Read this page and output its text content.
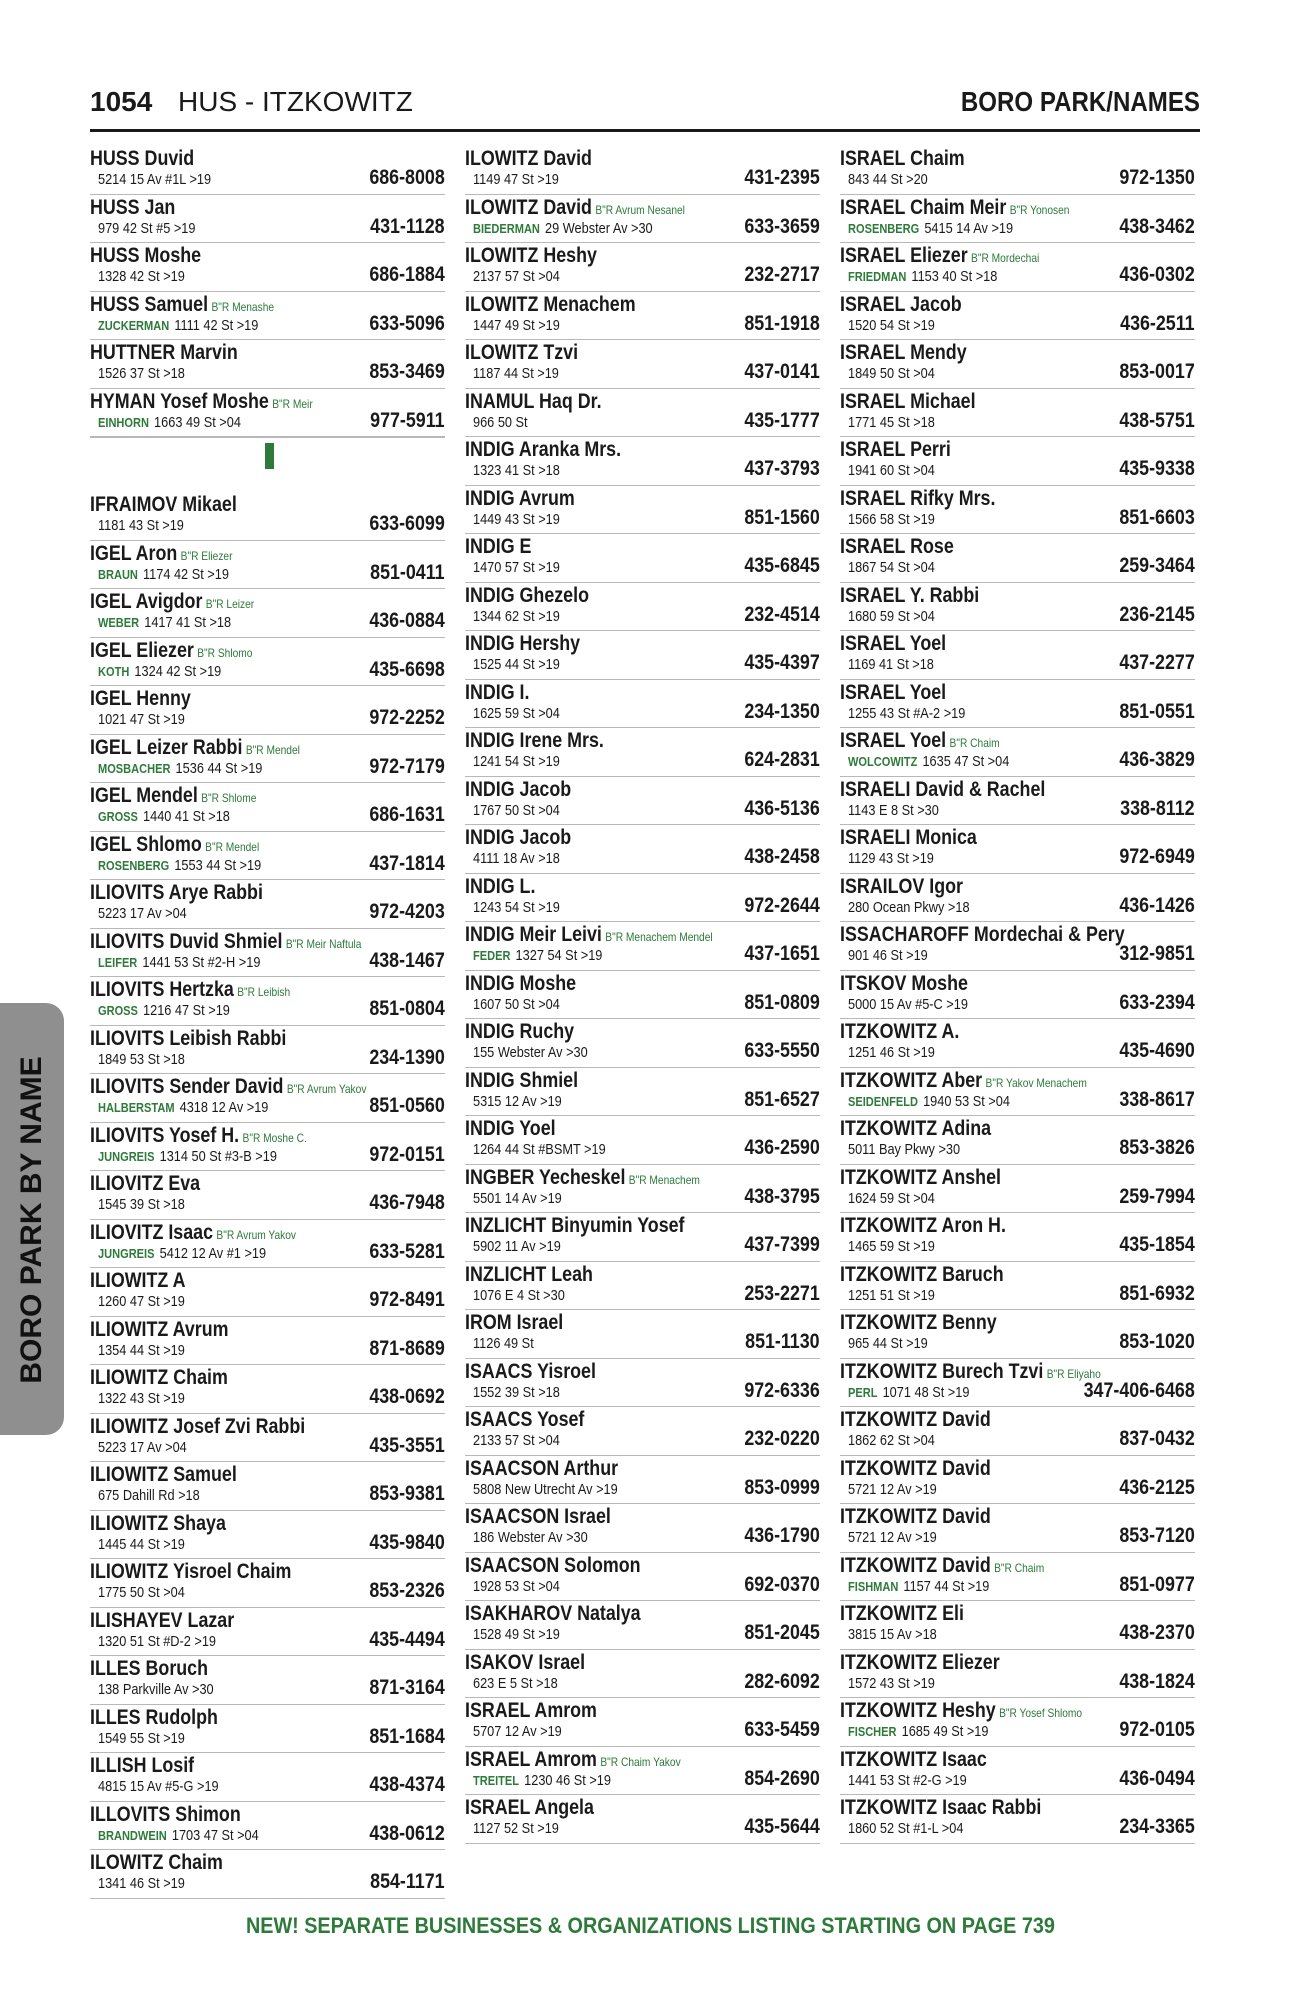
1054 HUS - ITZKOWITZ	BORO PARK/NAMES
HUSS Duvid
5214 15 Av #1L >19	686-8008
HUSS Jan
979 42 St #5 >19	431-1128
HUSS Moshe
1328 42 St >19	686-1884
HUSS Samuel B"R Menashe
ZUCKERMAN 1111 42 St >19	633-5096
HUTTNER Marvin
1526 37 St >18	853-3469
HYMAN Yosef Moshe B"R Meir
EINHORN 1663 49 St >04	977-5911
IFRAIMOV Mikael
1181 43 St >19	633-6099
IGEL Aron B"R Eliezer
BRAUN 1174 42 St >19	851-0411
IGEL Avigdor B"R Leizer
WEBER 1417 41 St >18	436-0884
IGEL Eliezer B"R Shlomo
KOTH 1324 42 St >19	435-6698
IGEL Henny
1021 47 St >19	972-2252
IGEL Leizer Rabbi B"R Mendel
MOSBACHER 1536 44 St >19	972-7179
IGEL Mendel B"R Shlome
GROSS 1440 41 St >18	686-1631
IGEL Shlomo B"R Mendel
ROSENBERG 1553 44 St >19	437-1814
ILIOVITS Arye Rabbi
5223 17 Av >04	972-4203
ILIOVITS Duvid Shmiel B"R Meir Naftula
LEIFER 1441 53 St #2-H >19	438-1467
ILIOVITS Hertzka B"R Leibish
GROSS 1216 47 St >19	851-0804
ILIOVITS Leibish Rabbi
1849 53 St >18	234-1390
ILIOVITS Sender David B"R Avrum Yakov
HALBERSTAM 4318 12 Av >19	851-0560
ILIOVITS Yosef H. B"R Moshe C.
JUNGREIS 1314 50 St #3-B >19	972-0151
ILIOVITZ Eva
1545 39 St >18	436-7948
ILIOVITZ Isaac B"R Avrum Yakov
JUNGREIS 5412 12 Av #1 >19	633-5281
ILIOWITZ A
1260 47 St >19	972-8491
ILIOWITZ Avrum
1354 44 St >19	871-8689
ILIOWITZ Chaim
1322 43 St >19	438-0692
ILIOWITZ Josef Zvi Rabbi
5223 17 Av >04	435-3551
ILIOWITZ Samuel
675 Dahill Rd >18	853-9381
ILIOWITZ Shaya
1445 44 St >19	435-9840
ILIOWITZ Yisroel Chaim
1775 50 St >04	853-2326
ILISHAYEV Lazar
1320 51 St #D-2 >19	435-4494
ILLES Boruch
138 Parkville Av >30	871-3164
ILLES Rudolph
1549 55 St >19	851-1684
ILLISH Losif
4815 15 Av #5-G >19	438-4374
ILLOVITS Shimon
BRANDWEIN 1703 47 St >04	438-0612
ILOWITZ Chaim
1341 46 St >19	854-1171
ILOWITZ David
1149 47 St >19	431-2395
ILOWITZ David B"R Avrum Nesanel
BIEDERMAN 29 Webster Av >30	633-3659
ILOWITZ Heshy
2137 57 St >04	232-2717
ILOWITZ Menachem
1447 49 St >19	851-1918
ILOWITZ Tzvi
1187 44 St >19	437-0141
INAMUL Haq Dr.
966 50 St	435-1777
INDIG Aranka Mrs.
1323 41 St >18	437-3793
INDIG Avrum
1449 43 St >19	851-1560
INDIG E
1470 57 St >19	435-6845
INDIG Ghezelo
1344 62 St >19	232-4514
INDIG Hershy
1525 44 St >19	435-4397
INDIG I.
1625 59 St >04	234-1350
INDIG Irene Mrs.
1241 54 St >19	624-2831
INDIG Jacob
1767 50 St >04	436-5136
INDIG Jacob
4111 18 Av >18	438-2458
INDIG L.
1243 54 St >19	972-2644
INDIG Meir Leivi B"R Menachem Mendel
FEDER 1327 54 St >19	437-1651
INDIG Moshe
1607 50 St >04	851-0809
INDIG Ruchy
155 Webster Av >30	633-5550
INDIG Shmiel
5315 12 Av >19	851-6527
INDIG Yoel
1264 44 St #BSMT >19	436-2590
INGBER Yecheskel B"R Menachem
5501 14 Av >19	438-3795
INZLICHT Binyumin Yosef
5902 11 Av >19	437-7399
INZLICHT Leah
1076 E 4 St >30	253-2271
IROM Israel
1126 49 St	851-1130
ISAACS Yisroel
1552 39 St >18	972-6336
ISAACS Yosef
2133 57 St >04	232-0220
ISAACSON Arthur
5808 New Utrecht Av >19	853-0999
ISAACSON Israel
186 Webster Av >30	436-1790
ISAACSON Solomon
1928 53 St >04	692-0370
ISAKHAROV Natalya
1528 49 St >19	851-2045
ISAKOV Israel
623 E 5 St >18	282-6092
ISRAEL Amrom
5707 12 Av >19	633-5459
ISRAEL Amrom B"R Chaim Yakov
TREITEL 1230 46 St >19	854-2690
ISRAEL Angela
1127 52 St >19	435-5644
ISRAEL Chaim
843 44 St >20	972-1350
ISRAEL Chaim Meir B"R Yonosen
ROSENBERG 5415 14 Av >19	438-3462
ISRAEL Eliezer B"R Mordechai
FRIEDMAN 1153 40 St >18	436-0302
ISRAEL Jacob
1520 54 St >19	436-2511
ISRAEL Mendy
1849 50 St >04	853-0017
ISRAEL Michael
1771 45 St >18	438-5751
ISRAEL Perri
1941 60 St >04	435-9338
ISRAEL Rifky Mrs.
1566 58 St >19	851-6603
ISRAEL Rose
1867 54 St >04	259-3464
ISRAEL Y. Rabbi
1680 59 St >04	236-2145
ISRAEL Yoel
1169 41 St >18	437-2277
ISRAEL Yoel
1255 43 St #A-2 >19	851-0551
ISRAEL Yoel B"R Chaim
WOLCOWITZ 1635 47 St >04	436-3829
ISRAELI David & Rachel
1143 E 8 St >30	338-8112
ISRAELI Monica
1129 43 St >19	972-6949
ISRAILOV Igor
280 Ocean Pkwy >18	436-1426
ISSACHAROFF Mordechai & Pery
901 46 St >19	312-9851
ITSKOV Moshe
5000 15 Av #5-C >19	633-2394
ITZKOWITZ A.
1251 46 St >19	435-4690
ITZKOWITZ Aber B"R Yakov Menachem
SEIDENFELD 1940 53 St >04	338-8617
ITZKOWITZ Adina
5011 Bay Pkwy >30	853-3826
ITZKOWITZ Anshel
1624 59 St >04	259-7994
ITZKOWITZ Aron H.
1465 59 St >19	435-1854
ITZKOWITZ Baruch
1251 51 St >19	851-6932
ITZKOWITZ Benny
965 44 St >19	853-1020
ITZKOWITZ Burech Tzvi B"R Eliyaho
PERL 1071 48 St >19	347-406-6468
ITZKOWITZ David
1862 62 St >04	837-0432
ITZKOWITZ David
5721 12 Av >19	436-2125
ITZKOWITZ David
5721 12 Av >19	853-7120
ITZKOWITZ David B"R Chaim
FISHMAN 1157 44 St >19	851-0977
ITZKOWITZ Eli
3815 15 Av >18	438-2370
ITZKOWITZ Eliezer
1572 43 St >19	438-1824
ITZKOWITZ Heshy B"R Yosef Shlomo
FISCHER 1685 49 St >19	972-0105
ITZKOWITZ Isaac
1441 53 St #2-G >19	436-0494
ITZKOWITZ Isaac Rabbi
1860 52 St #1-L >04	234-3365
BORO PARK BY NAME
NEW! SEPARATE BUSINESSES & ORGANIZATIONS LISTING STARTING ON PAGE 739
